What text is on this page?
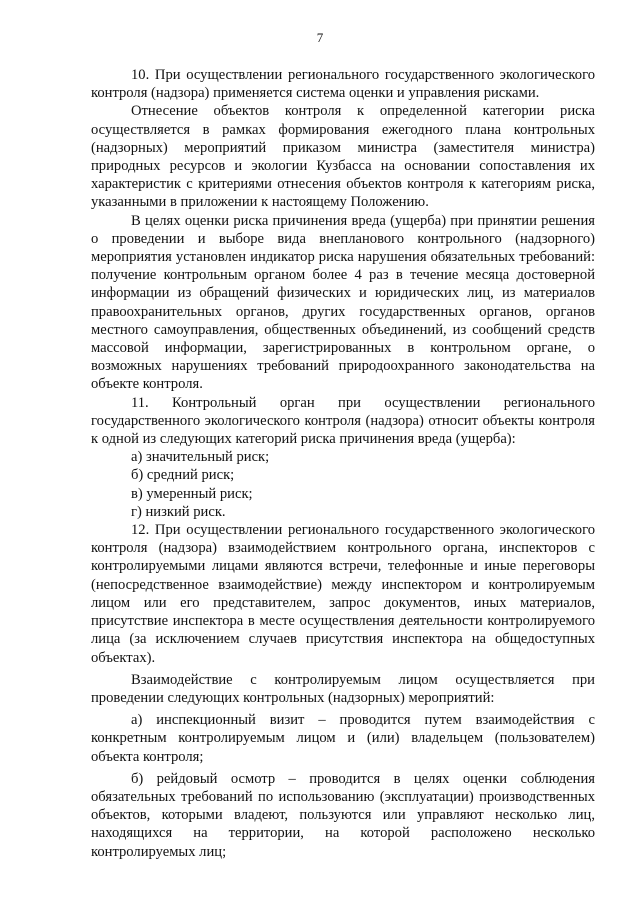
7

10. При осуществлении регионального государственного экологического контроля (надзора) применяется система оценки и управления рисками.

Отнесение объектов контроля к определенной категории риска осуществляется в рамках формирования ежегодного плана контрольных (надзорных) мероприятий приказом министра (заместителя министра) природных ресурсов и экологии Кузбасса на основании сопоставления их характеристик с критериями отнесения объектов контроля к категориям риска, указанными в приложении к настоящему Положению.

В целях оценки риска причинения вреда (ущерба) при принятии решения о проведении и выборе вида внепланового контрольного (надзорного) мероприятия установлен индикатор риска нарушения обязательных требований: получение контрольным органом более 4 раз в течение месяца достоверной информации из обращений физических и юридических лиц, из материалов правоохранительных органов, других государственных органов, органов местного самоуправления, общественных объединений, из сообщений средств массовой информации, зарегистрированных в контрольном органе, о возможных нарушениях требований природоохранного законодательства на объекте контроля.

11. Контрольный орган при осуществлении регионального государственного экологического контроля (надзора) относит объекты контроля к одной из следующих категорий риска причинения вреда (ущерба):

а) значительный риск;

б) средний риск;

в) умеренный риск;

г) низкий риск.

12. При осуществлении регионального государственного экологического контроля (надзора) взаимодействием контрольного органа, инспекторов с контролируемыми лицами являются встречи, телефонные и иные переговоры (непосредственное взаимодействие) между инспектором и контролируемым лицом или его представителем, запрос документов, иных материалов, присутствие инспектора в месте осуществления деятельности контролируемого лица (за исключением случаев присутствия инспектора на общедоступных объектах).

Взаимодействие с контролируемым лицом осуществляется при проведении следующих контрольных (надзорных) мероприятий:

а) инспекционный визит – проводится путем взаимодействия с конкретным контролируемым лицом и (или) владельцем (пользователем) объекта контроля;

б) рейдовый осмотр – проводится в целях оценки соблюдения обязательных требований по использованию (эксплуатации) производственных объектов, которыми владеют, пользуются или управляют несколько лиц, находящихся на территории, на которой расположено несколько контролируемых лиц;
